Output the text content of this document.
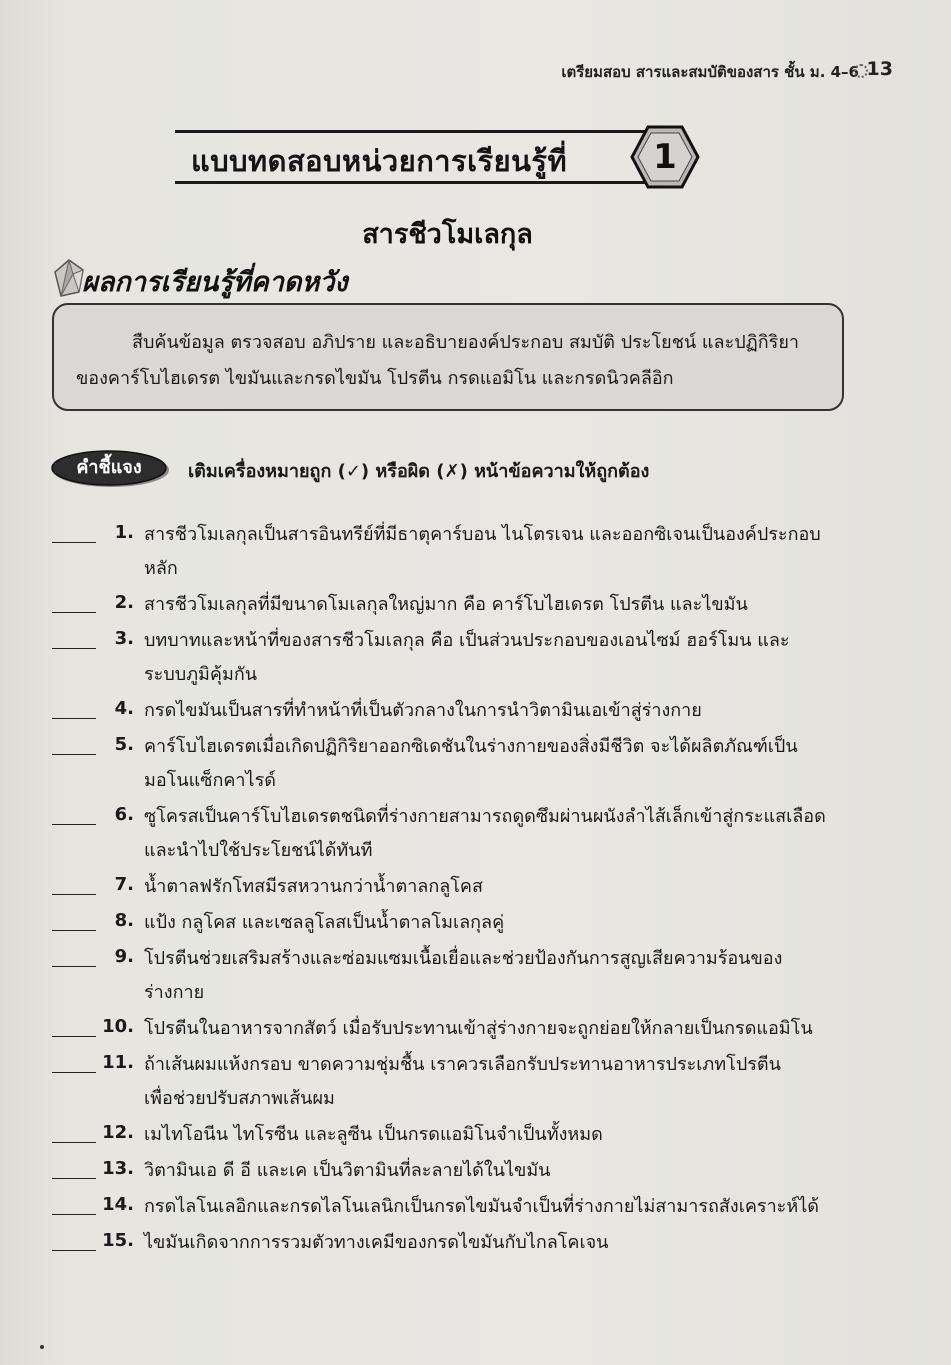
เตรียมสอบ สารและสมบัติของสาร ชั้น ม. 4–6 13
แบบทดสอบหน่วยการเรียนรู้ที่	1
สารชีวโมเลกุล
ผลการเรียนรู้ที่คาดหวัง
สืบค้นข้อมูล ตรวจสอบ อภิปราย และอธิบายองค์ประกอบ สมบัติ ประโยชน์ และปฏิกิริยา
ของคาร์โบไฮเดรต ไขมันและกรดไขมัน โปรตีน กรดแอมิโน และกรดนิวคลีอิก
คำชี้แจง	เติมเครื่องหมายถูก (✓) หรือผิด (✗) หน้าข้อความให้ถูกต้อง
1. สารชีวโมเลกุลเป็นสารอินทรีย์ที่มีธาตุคาร์บอน ไนโตรเจน และออกซิเจนเป็นองค์ประกอบ
หลัก
2. สารชีวโมเลกุลที่มีขนาดโมเลกุลใหญ่มาก คือ คาร์โบไฮเดรต โปรตีน และไขมัน
3. บทบาทและหน้าที่ของสารชีวโมเลกุล คือ เป็นส่วนประกอบของเอนไซม์ ฮอร์โมน และ
ระบบภูมิคุ้มกัน
4. กรดไขมันเป็นสารที่ทำหน้าที่เป็นตัวกลางในการนำวิตามินเอเข้าสู่ร่างกาย
5. คาร์โบไฮเดรตเมื่อเกิดปฏิกิริยาออกซิเดชันในร่างกายของสิ่งมีชีวิต จะได้ผลิตภัณฑ์เป็น
มอโนแซ็กคาไรด์
6. ซูโครสเป็นคาร์โบไฮเดรตชนิดที่ร่างกายสามารถดูดซึมผ่านผนังลำไส้เล็กเข้าสู่กระแสเลือด
และนำไปใช้ประโยชน์ได้ทันที
7. น้ำตาลฟรักโทสมีรสหวานกว่าน้ำตาลกลูโคส
8. แป้ง กลูโคส และเซลลูโลสเป็นน้ำตาลโมเลกุลคู่
9. โปรตีนช่วยเสริมสร้างและซ่อมแซมเนื้อเยื่อและช่วยป้องกันการสูญเสียความร้อนของ
ร่างกาย
10. โปรตีนในอาหารจากสัตว์ เมื่อรับประทานเข้าสู่ร่างกายจะถูกย่อยให้กลายเป็นกรดแอมิโน
11. ถ้าเส้นผมแห้งกรอบ ขาดความชุ่มชื้น เราควรเลือกรับประทานอาหารประเภทโปรตีน
เพื่อช่วยปรับสภาพเส้นผม
12. เมไทโอนีน ไทโรซีน และลูซีน เป็นกรดแอมิโนจำเป็นทั้งหมด
13. วิตามินเอ ดี อี และเค เป็นวิตามินที่ละลายได้ในไขมัน
14. กรดไลโนเลอิกและกรดไลโนเลนิกเป็นกรดไขมันจำเป็นที่ร่างกายไม่สามารถสังเคราะห์ได้
15. ไขมันเกิดจากการรวมตัวทางเคมีของกรดไขมันกับไกลโคเจน
